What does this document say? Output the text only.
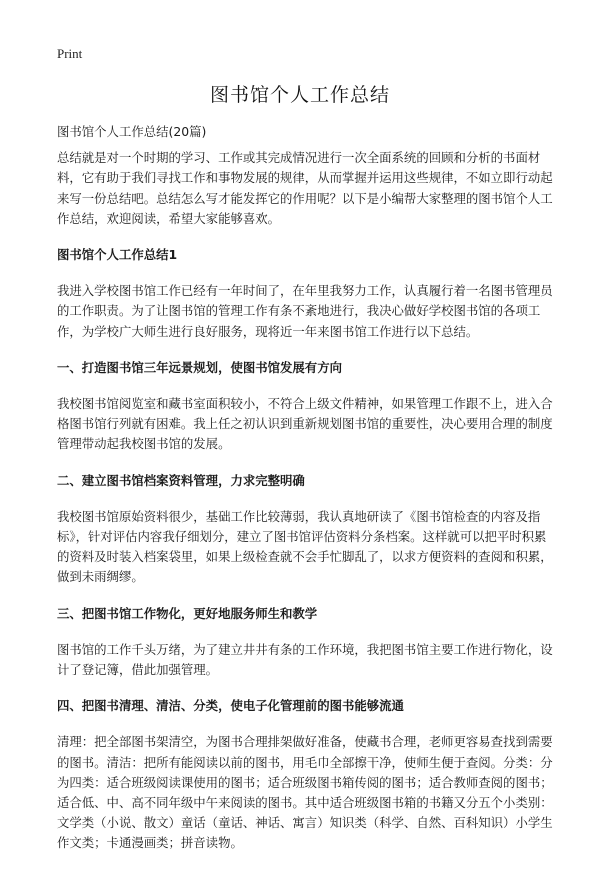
Print
图书馆个人工作总结

图书馆个人工作总结(20篇)

总结就是对一个时期的学习、工作或其完成情况进行一次全面系统的回顾和分析的书面材料，它有助于我们寻找工作和事物发展的规律，从而掌握并运用这些规律，不如立即行动起来写一份总结吧。总结怎么写才能发挥它的作用呢？以下是小编帮大家整理的图书馆个人工作总结，欢迎阅读，希望大家能够喜欢。

图书馆个人工作总结1

我进入学校图书馆工作已经有一年时间了，在年里我努力工作，认真履行着一名图书管理员的工作职责。为了让图书馆的管理工作有条不紊地进行，我决心做好学校图书馆的各项工作，为学校广大师生进行良好服务，现将近一年来图书馆工作进行以下总结。

一、打造图书馆三年远景规划，使图书馆发展有方向

我校图书馆阅览室和藏书室面积较小，不符合上级文件精神，如果管理工作跟不上，进入合格图书馆行列就有困难。我上任之初认识到重新规划图书馆的重要性，决心要用合理的制度管理带动起我校图书馆的发展。

二、建立图书馆档案资料管理，力求完整明确

我校图书馆原始资料很少，基础工作比较薄弱，我认真地研读了《图书馆检查的内容及指标》，针对评估内容我仔细划分，建立了图书馆评估资料分条档案。这样就可以把平时积累的资料及时装入档案袋里，如果上级检查就不会手忙脚乱了，以求方便资料的查阅和积累，做到未雨绸缪。

三、把图书馆工作物化，更好地服务师生和教学

图书馆的工作千头万绪，为了建立井井有条的工作环境，我把图书馆主要工作进行物化，设计了登记簿，借此加强管理。

四、把图书清理、清洁、分类，使电子化管理前的图书能够流通

清理：把全部图书架清空，为图书合理排架做好准备，使藏书合理，老师更容易查找到需要的图书。清洁：把所有能阅读以前的图书，用毛巾全部擦干净，使师生便于查阅。分类：分为四类：适合班级阅读课使用的图书；适合班级图书箱传阅的图书；适合教师查阅的图书；适合低、中、高不同年级中午来阅读的图书。其中适合班级图书箱的书籍又分五个小类别：文学类（小说、散文）童话（童话、神话、寓言）知识类（科学、自然、百科知识）小学生作文类；卡通漫画类；拼音读物。
